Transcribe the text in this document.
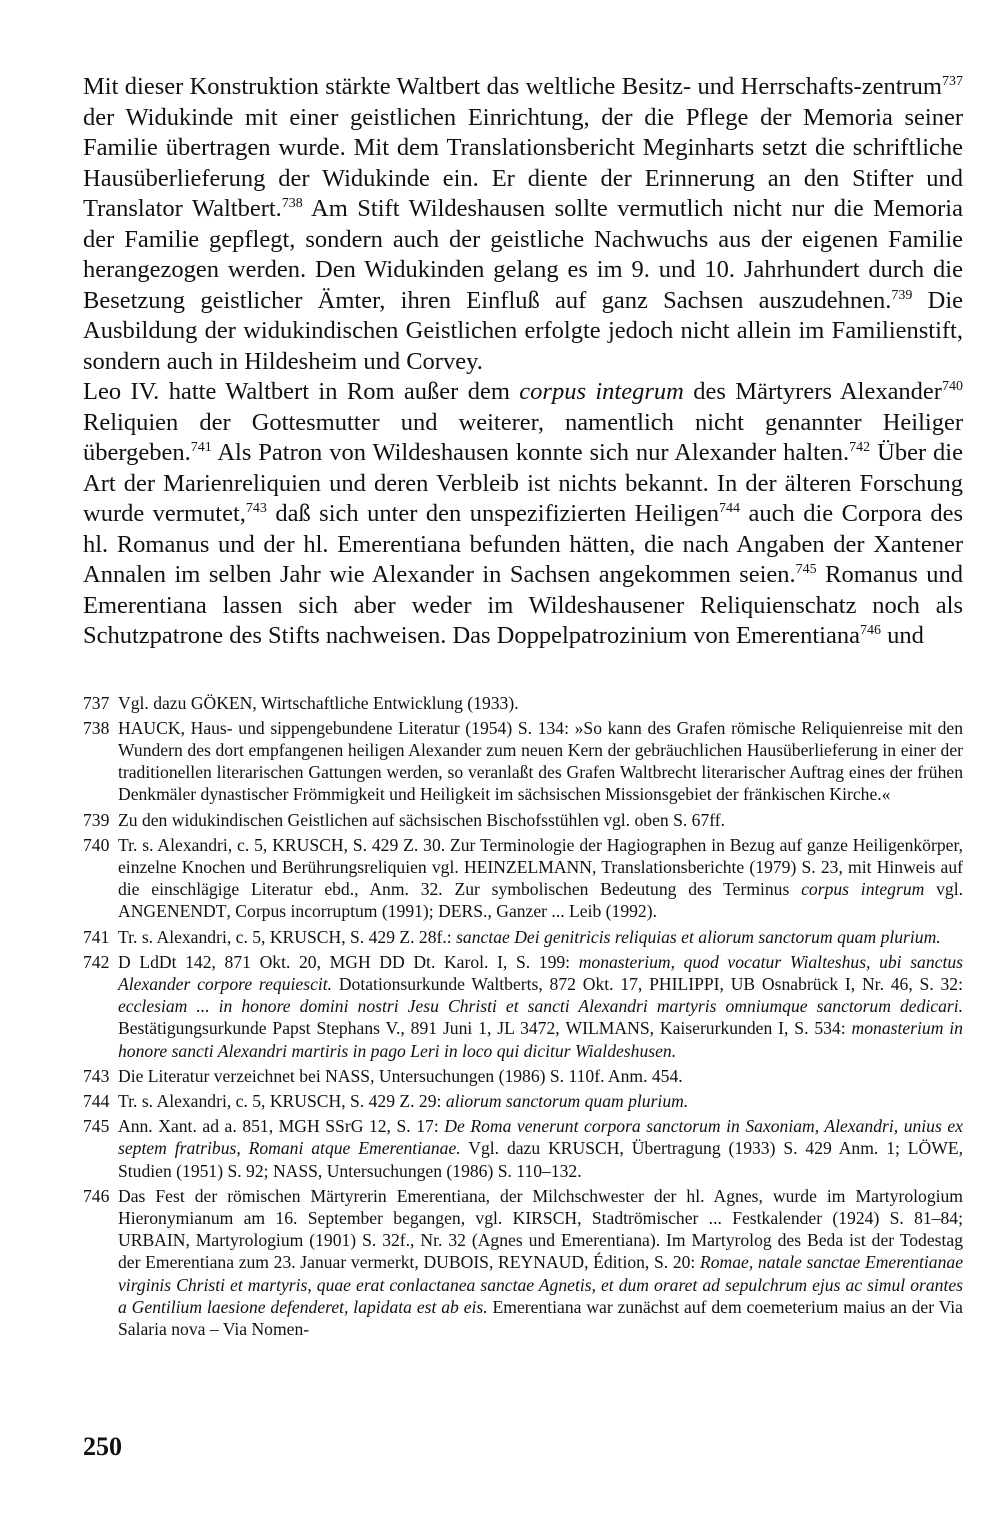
Mit dieser Konstruktion stärkte Waltbert das weltliche Besitz- und Herrschafts-zentrum$^{737}$ der Widukinde mit einer geistlichen Einrichtung, der die Pflege der Memoria seiner Familie übertragen wurde. Mit dem Translationsbericht Meginharts setzt die schriftliche Hausüberlieferung der Widukinde ein. Er diente der Erinnerung an den Stifter und Translator Waltbert.$^{738}$ Am Stift Wildeshausen sollte vermutlich nicht nur die Memoria der Familie gepflegt, sondern auch der geistliche Nachwuchs aus der eigenen Familie herangezogen werden. Den Widukinden gelang es im 9. und 10. Jahrhundert durch die Besetzung geistlicher Ämter, ihren Einfluß auf ganz Sachsen auszudehnen.$^{739}$ Die Ausbildung der widukindischen Geistlichen erfolgte jedoch nicht allein im Familienstift, sondern auch in Hildesheim und Corvey.

Leo IV. hatte Waltbert in Rom außer dem corpus integrum des Märtyrers Alexander$^{740}$ Reliquien der Gottesmutter und weiterer, namentlich nicht genannter Heiliger übergeben.$^{741}$ Als Patron von Wildeshausen konnte sich nur Alexander halten.$^{742}$ Über die Art der Marienreliquien und deren Verbleib ist nichts bekannt. In der älteren Forschung wurde vermutet,$^{743}$ daß sich unter den unspezifizierten Heiligen$^{744}$ auch die Corpora des hl. Romanus und der hl. Emerentiana befunden hätten, die nach Angaben der Xantener Annalen im selben Jahr wie Alexander in Sachsen angekommen seien.$^{745}$ Romanus und Emerentiana lassen sich aber weder im Wildeshausener Reliquienschatz noch als Schutzpatrone des Stifts nachweisen. Das Doppelpatrozinium von Emerentiana$^{746}$ und

737 Vgl. dazu GÖKEN, Wirtschaftliche Entwicklung (1933).
738 HAUCK, Haus- und sippengebundene Literatur (1954) S. 134: »So kann des Grafen römische Reliquienreise mit den Wundern des dort empfangenen heiligen Alexander zum neuen Kern der gebräuchlichen Hausüberlieferung in einer der traditionellen literarischen Gattungen werden, so veranlaßt des Grafen Waltbrecht literarischer Auftrag eines der frühen Denkmäler dynastischer Frömmigkeit und Heiligkeit im sächsischen Missionsgebiet der fränkischen Kirche.«
739 Zu den widukindischen Geistlichen auf sächsischen Bischofsstühlen vgl. oben S. 67ff.
740 Tr. s. Alexandri, c. 5, KRUSCH, S. 429 Z. 30. Zur Terminologie der Hagiographen in Bezug auf ganze Heiligenkörper, einzelne Knochen und Berührungsreliquien vgl. HEINZELMANN, Translationsberichte (1979) S. 23, mit Hinweis auf die einschlägige Literatur ebd., Anm. 32. Zur symbolischen Bedeutung des Terminus corpus integrum vgl. ANGENENDT, Corpus incorruptum (1991); DERS., Ganzer ... Leib (1992).
741 Tr. s. Alexandri, c. 5, KRUSCH, S. 429 Z. 28f.: sanctae Dei genitricis reliquias et aliorum sanctorum quam plurium.
742 D LdDt 142, 871 Okt. 20, MGH DD Dt. Karol. I, S. 199: monasterium, quod vocatur Wialteshus, ubi sanctus Alexander corpore requiescit. Dotationsurkunde Waltberts, 872 Okt. 17, PHILIPPI, UB Osnabrück I, Nr. 46, S. 32: ecclesiam ... in honore domini nostri Jesu Christi et sancti Alexandri martyris omniumque sanctorum dedicari. Bestätigungsurkunde Papst Stephans V., 891 Juni 1, JL 3472, WILMANS, Kaiserurkunden I, S. 534: monasterium in honore sancti Alexandri martiris in pago Leri in loco qui dicitur Wialdeshusen.
743 Die Literatur verzeichnet bei NASS, Untersuchungen (1986) S. 110f. Anm. 454.
744 Tr. s. Alexandri, c. 5, KRUSCH, S. 429 Z. 29: aliorum sanctorum quam plurium.
745 Ann. Xant. ad a. 851, MGH SSrG 12, S. 17: De Roma venerunt corpora sanctorum in Saxoniam, Alexandri, unius ex septem fratribus, Romani atque Emerentianae. Vgl. dazu KRUSCH, Übertragung (1933) S. 429 Anm. 1; LÖWE, Studien (1951) S. 92; NASS, Untersuchungen (1986) S. 110–132.
746 Das Fest der römischen Märtyrerin Emerentiana, der Milchschwester der hl. Agnes, wurde im Martyrologium Hieronymianum am 16. September begangen, vgl. KIRSCH, Stadtrömischer ... Festkalender (1924) S. 81–84; URBAIN, Martyrologium (1901) S. 32f., Nr. 32 (Agnes und Emerentiana). Im Martyrolog des Beda ist der Todestag der Emerentiana zum 23. Januar vermerkt, DUBOIS, REYNAUD, Édition, S. 20: Romae, natale sanctae Emerentianae virginis Christi et martyris, quae erat conlactanea sanctae Agnetis, et dum oraret ad sepulchrum ejus ac simul orantes a Gentilium laesione defenderet, lapidata est ab eis. Emerentiana war zunächst auf dem coemeterium maius an der Via Salaria nova – Via Nomen-
250
